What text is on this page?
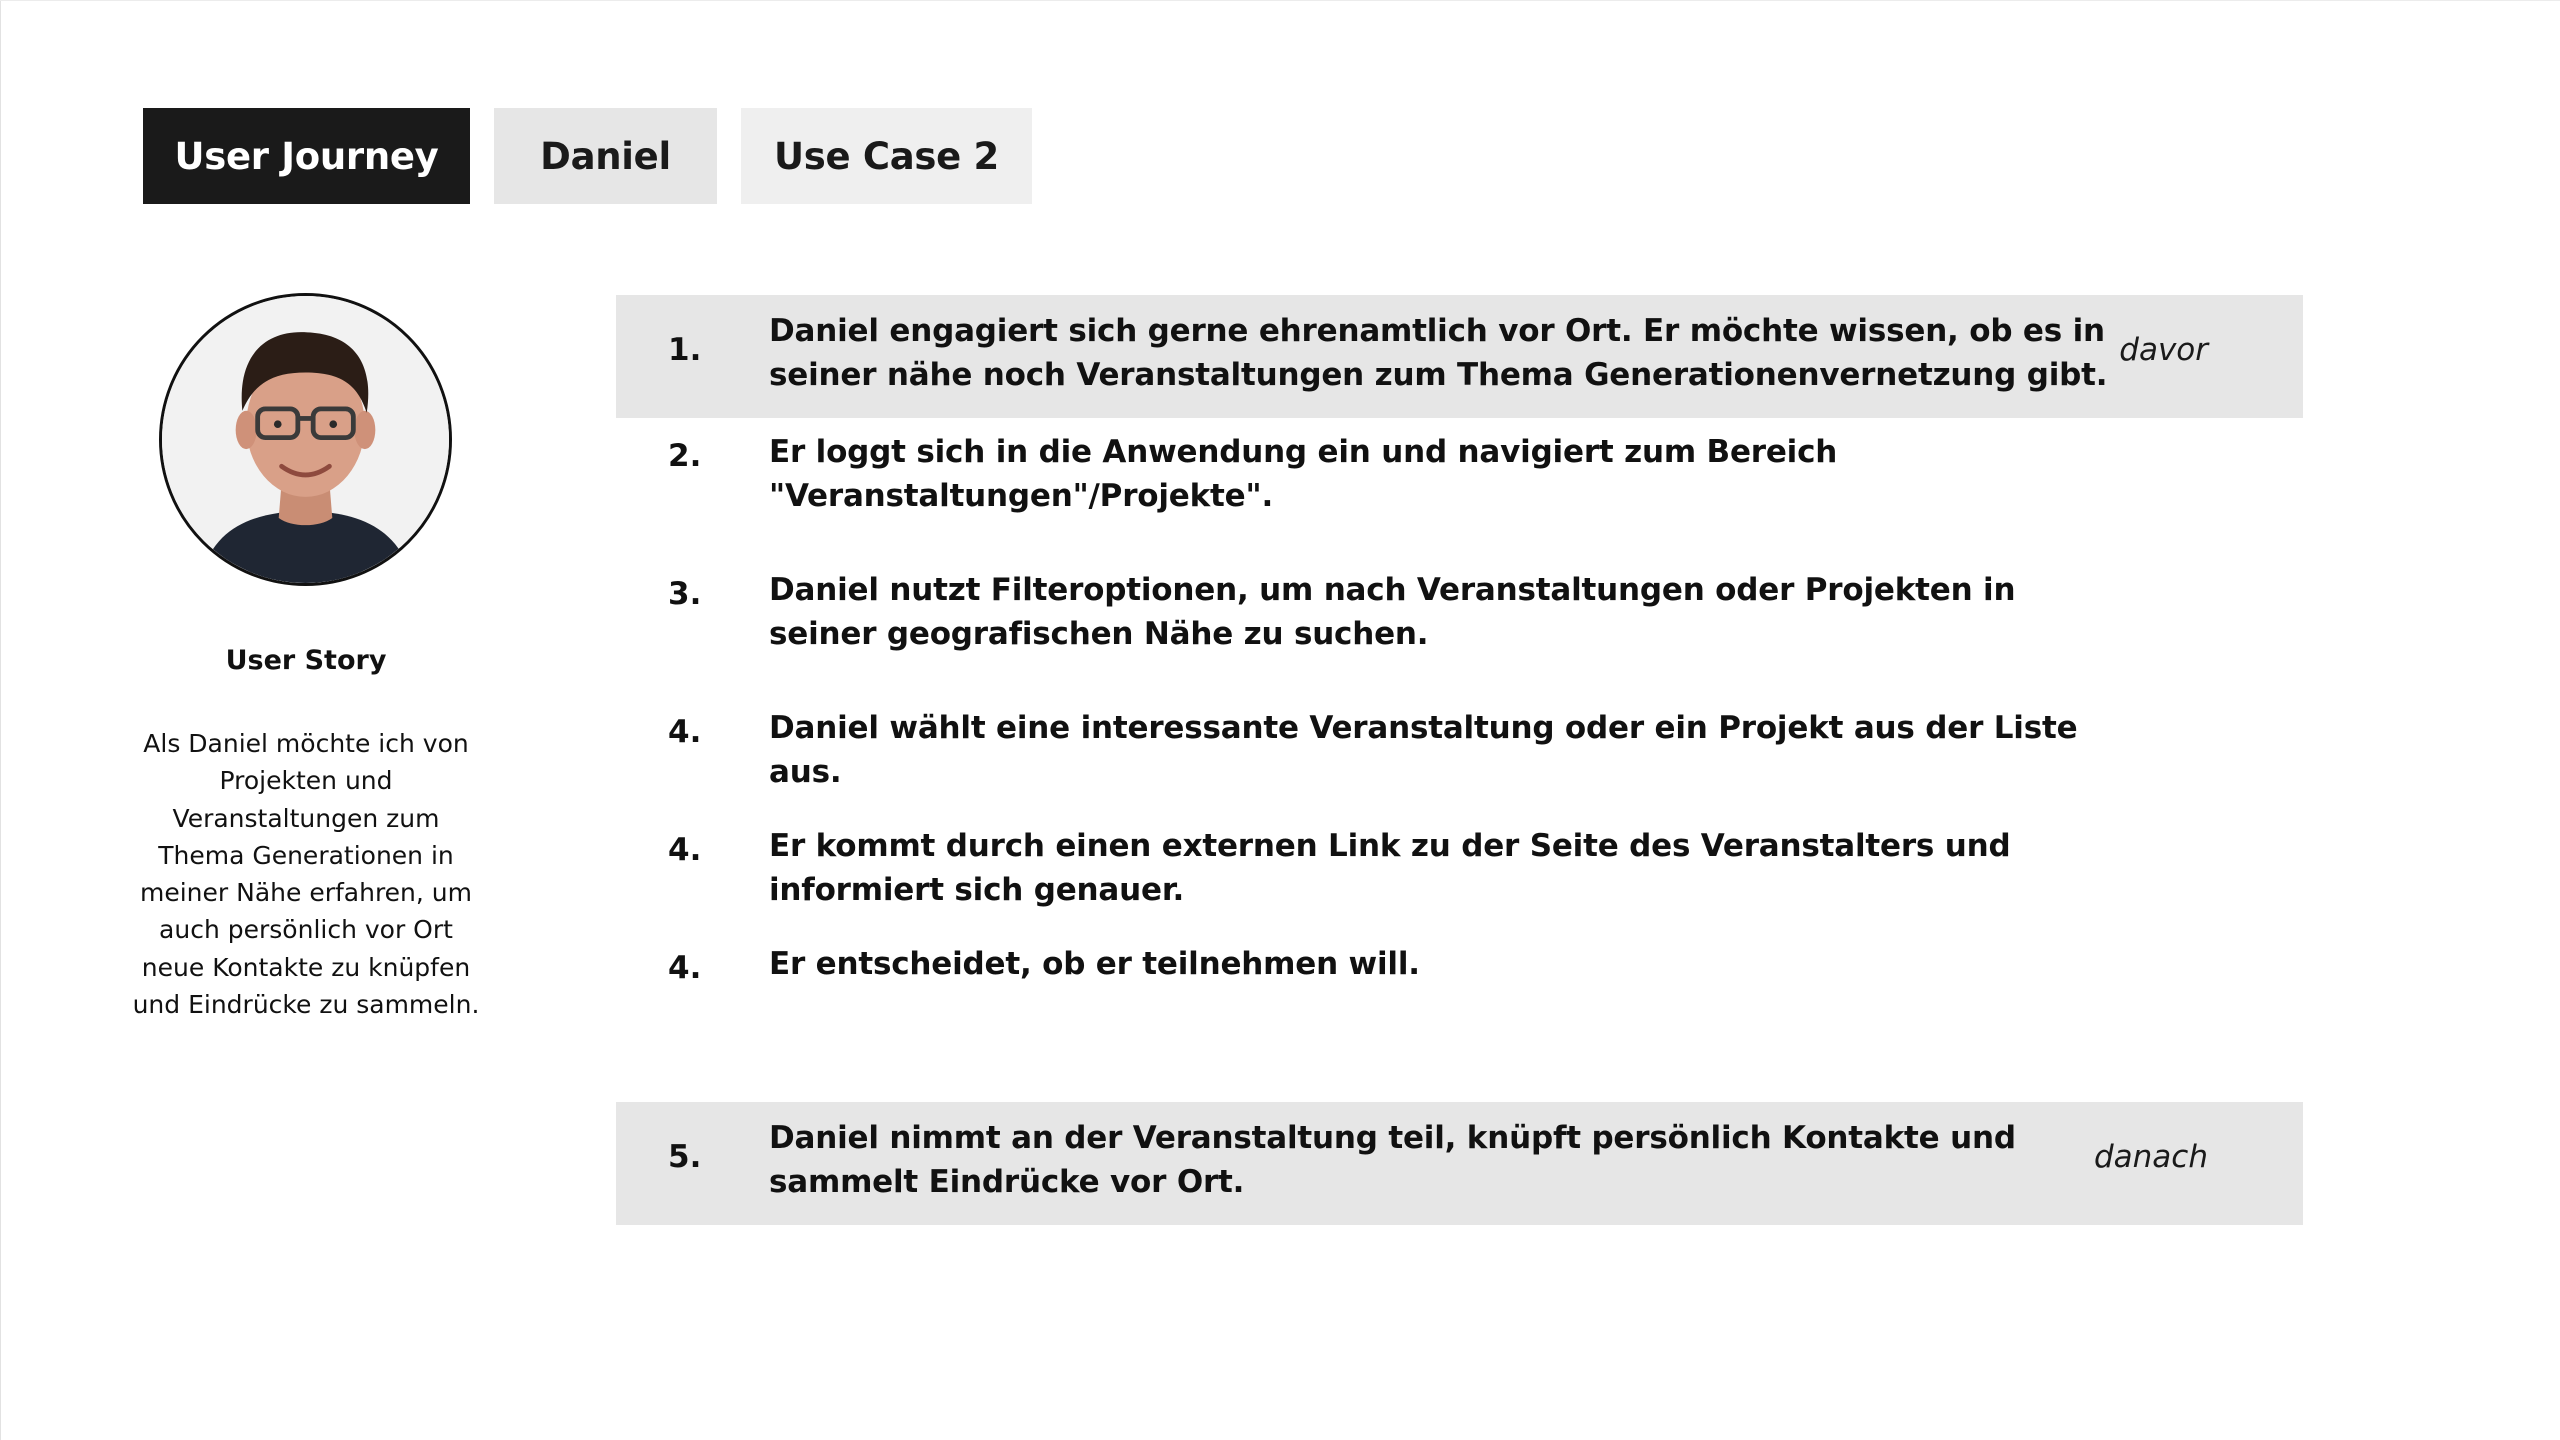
User Journey	Daniel	Use Case 2
User Story
Als Daniel möchte ich von Projekten und Veranstaltungen zum Thema Generationen in meiner Nähe erfahren, um auch persönlich vor Ort neue Kontakte zu knüpfen und Eindrücke zu sammeln.
1.
Daniel engagiert sich gerne ehrenamtlich vor Ort. Er möchte wissen, ob es in seiner nähe noch Veranstaltungen zum Thema Generationenvernetzung gibt.
davor
2. Er loggt sich in die Anwendung ein und navigiert zum Bereich "Veranstaltungen"/Projekte".
3. Daniel nutzt Filteroptionen, um nach Veranstaltungen oder Projekten in seiner geografischen Nähe zu suchen.
4. Daniel wählt eine interessante Veranstaltung oder ein Projekt aus der Liste aus.
4. Er kommt durch einen externen Link zu der Seite des Veranstalters und informiert sich genauer.
4. Er entscheidet, ob er teilnehmen will.
5.
Daniel nimmt an der Veranstaltung teil, knüpft persönlich Kontakte und sammelt Eindrücke vor Ort.
danach
